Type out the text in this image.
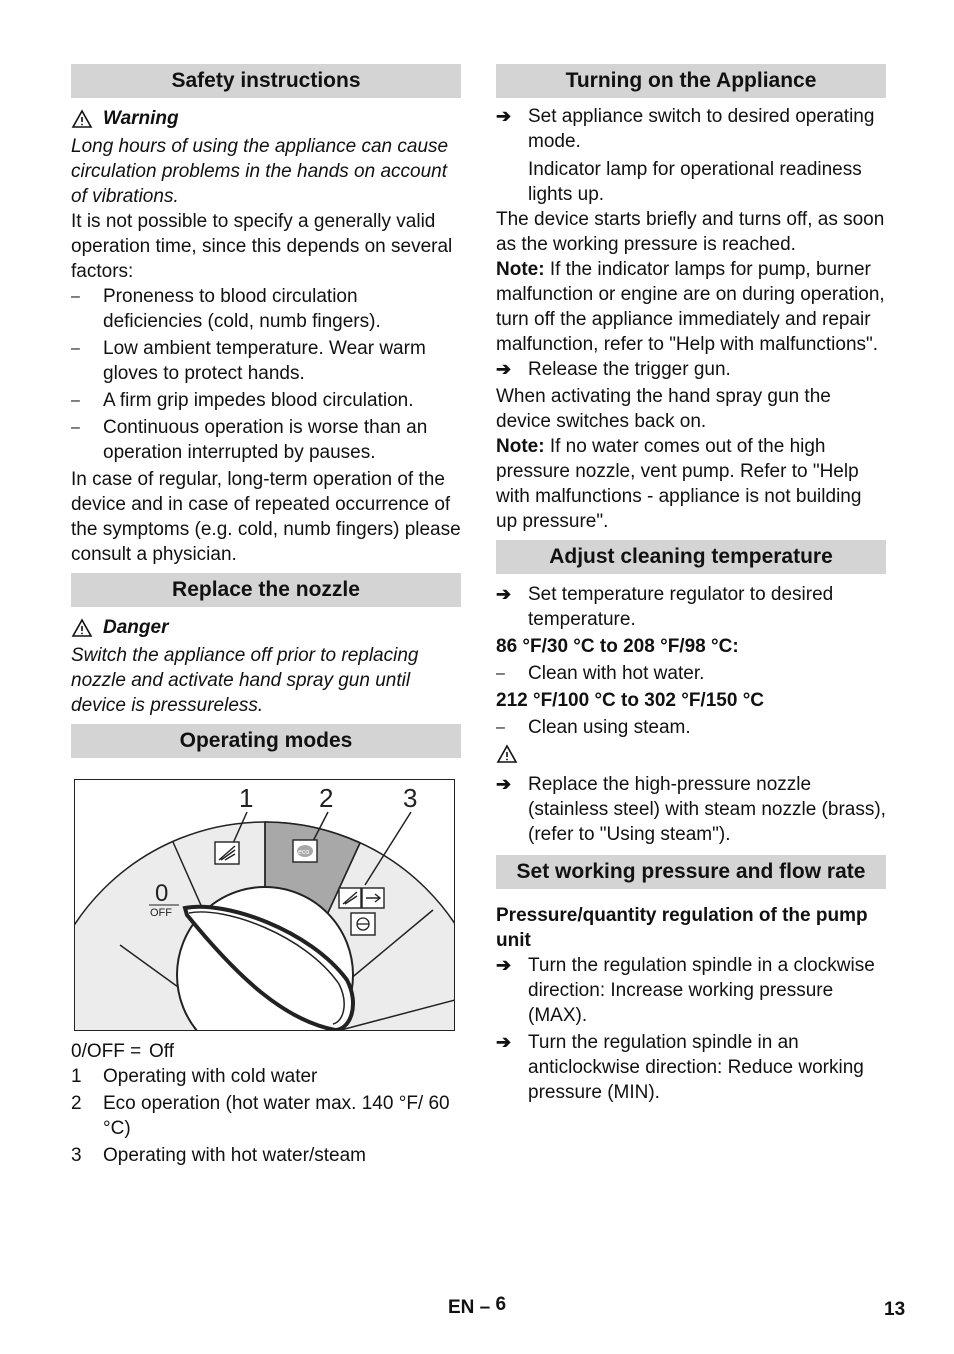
Safety instructions
Warning

Long hours of using the appliance can cause circulation problems in the hands on account of vibrations.

It is not possible to specify a generally valid operation time, since this depends on several factors:

– Proneness to blood circulation deficiencies (cold, numb fingers).
– Low ambient temperature. Wear warm gloves to protect hands.
– A firm grip impedes blood circulation.
– Continuous operation is worse than an operation interrupted by pauses.

In case of regular, long-term operation of the device and in case of repeated occurrence of the symptoms (e.g. cold, numb fingers) please consult a physician.

Replace the nozzle
Danger

Switch the appliance off prior to replacing nozzle and activate hand spray gun until device is pressureless.

Operating modes
1	2	3
0
OFF
eco
0/OFF = Off
1 Operating with cold water
2 Eco operation (hot water max. 140 °F/ 60 °C)
3 Operating with hot water/steam
Turning on the Appliance
➔ Set appliance switch to desired operating mode.

Indicator lamp for operational readiness lights up.

The device starts briefly and turns off, as soon as the working pressure is reached.

Note: If the indicator lamps for pump, burner malfunction or engine are on during operation, turn off the appliance immediately and repair malfunction, refer to "Help with malfunctions".

➔ Release the trigger gun.

When activating the hand spray gun the device switches back on.

Note: If no water comes out of the high pressure nozzle, vent pump. Refer to "Help with malfunctions - appliance is not building up pressure".

Adjust cleaning temperature
➔ Set temperature regulator to desired temperature.

86 °F/30 °C to 208 °F/98 °C:

– Clean with hot water.

212 °F/100 °C to 302 °F/150 °C

– Clean using steam.
➔ Replace the high-pressure nozzle (stainless steel) with steam nozzle (brass), (refer to "Using steam").
Set working pressure and flow rate

Pressure/quantity regulation of the pump unit

➔ Turn the regulation spindle in a clockwise direction: Increase working pressure (MAX).
➔ Turn the regulation spindle in an anticlockwise direction: Reduce working pressure (MIN).
EN – 6	13
